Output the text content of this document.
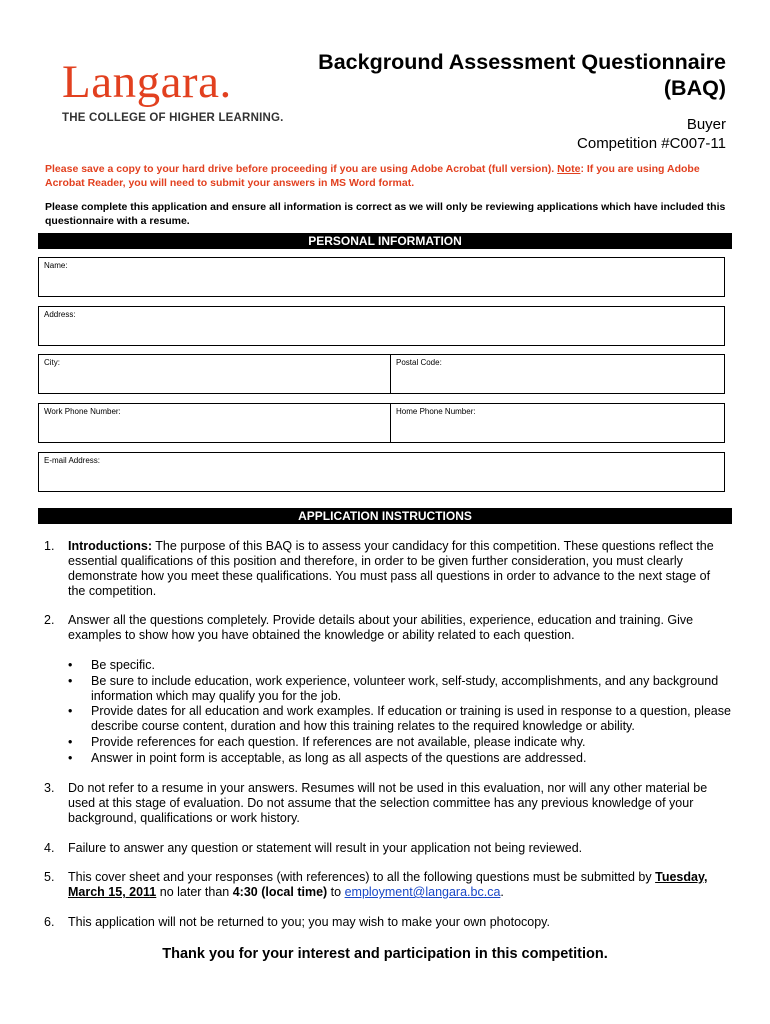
Langara.
THE COLLEGE OF HIGHER LEARNING.
Background Assessment Questionnaire
(BAQ)
Buyer
Competition #C007-11
Please save a copy to your hard drive before proceeding if you are using Adobe Acrobat (full version). Note: If you are using Adobe Acrobat Reader, you will need to submit your answers in MS Word format.
Please complete this application and ensure all information is correct as we will only be reviewing applications which have included this questionnaire with a resume.
PERSONAL INFORMATION
Name:
Address:
City:	Postal Code:
Work Phone Number:	Home Phone Number:
E-mail Address:
APPLICATION INSTRUCTIONS
1. Introductions: The purpose of this BAQ is to assess your candidacy for this competition. These questions reflect the essential qualifications of this position and therefore, in order to be given further consideration, you must clearly demonstrate how you meet these qualifications. You must pass all questions in order to advance to the next stage of the competition.
2. Answer all the questions completely. Provide details about your abilities, experience, education and training. Give examples to show how you have obtained the knowledge or ability related to each question.
• Be specific.
• Be sure to include education, work experience, volunteer work, self-study, accomplishments, and any background information which may qualify you for the job.
• Provide dates for all education and work examples. If education or training is used in response to a question, please describe course content, duration and how this training relates to the required knowledge or ability.
• Provide references for each question. If references are not available, please indicate why.
• Answer in point form is acceptable, as long as all aspects of the questions are addressed.
3. Do not refer to a resume in your answers. Resumes will not be used in this evaluation, nor will any other material be used at this stage of evaluation. Do not assume that the selection committee has any previous knowledge of your background, qualifications or work history.
4. Failure to answer any question or statement will result in your application not being reviewed.
5. This cover sheet and your responses (with references) to all the following questions must be submitted by Tuesday, March 15, 2011 no later than 4:30 (local time) to employment@langara.bc.ca.
6. This application will not be returned to you; you may wish to make your own photocopy.
Thank you for your interest and participation in this competition.
